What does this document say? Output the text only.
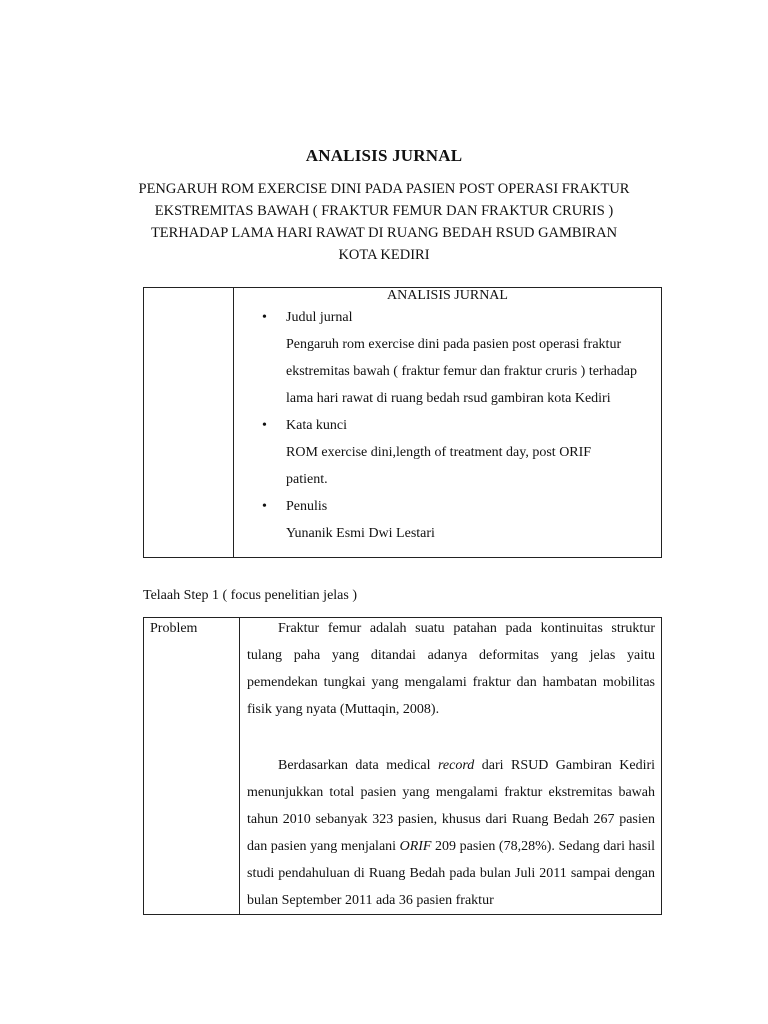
ANALISIS JURNAL
PENGARUH ROM EXERCISE DINI PADA PASIEN POST OPERASI FRAKTUR
EKSTREMITAS BAWAH ( FRAKTUR FEMUR DAN FRAKTUR CRURIS )
TERHADAP LAMA HARI RAWAT DI RUANG BEDAH RSUD GAMBIRAN
KOTA KEDIRI

ANALISIS JURNAL
• Judul jurnal
Pengaruh rom exercise dini pada pasien post operasi fraktur
ekstremitas bawah ( fraktur femur dan fraktur cruris ) terhadap
lama hari rawat di ruang bedah rsud gambiran kota Kediri
• Kata kunci
ROM exercise dini,length of treatment day, post ORIF
patient.
• Penulis
Yunanik Esmi Dwi Lestari
Telaah Step 1 ( focus penelitian jelas )
Problem	Fraktur femur adalah suatu patahan pada kontinuitas struktur tulang paha yang ditandai adanya deformitas yang jelas yaitu pemendekan tungkai yang mengalami fraktur dan hambatan mobilitas fisik yang nyata (Muttaqin, 2008).

Berdasarkan data medical record dari RSUD Gambiran Kediri menunjukkan total pasien yang mengalami fraktur ekstremitas bawah tahun 2010 sebanyak 323 pasien, khusus dari Ruang Bedah 267 pasien dan pasien yang menjalani ORIF 209 pasien (78,28%). Sedang dari hasil studi pendahuluan di Ruang Bedah pada bulan Juli 2011 sampai dengan bulan September 2011 ada 36 pasien fraktur
